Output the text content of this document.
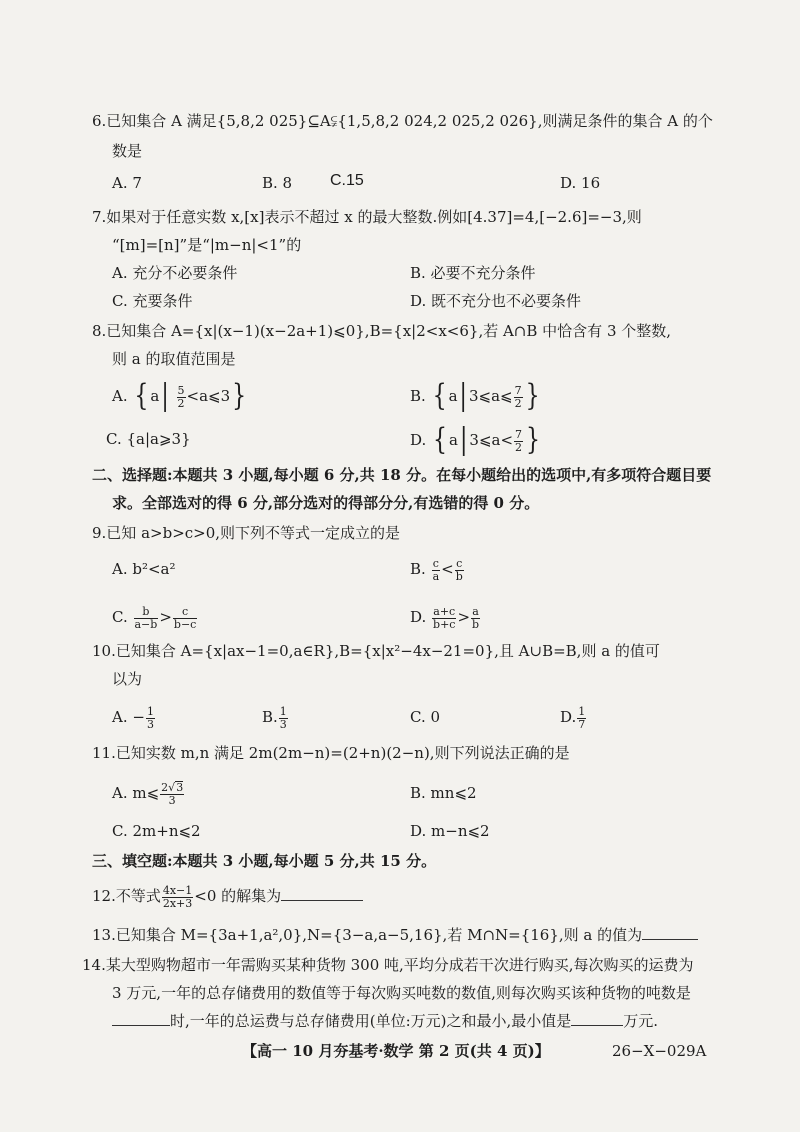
6.已知集合 A 满足{5,8,2 025}⊆A⫋{1,5,8,2 024,2 025,2 026},则满足条件的集合 A 的个
数是
A. 7	B. 8 C.15	D. 16
7.如果对于任意实数 x,[x]表示不超过 x 的最大整数.例如[4.37]=4,[−2.6]=−3,则
“[m]=[n]”是“|m−n|<1”的
A. 充分不必要条件	B. 必要不充分条件
C. 充要条件	D. 既不充分也不必要条件
8.已知集合 A={x|(x−1)(x−2a+1)⩽0},B={x|2<x<6},若 A∩B 中恰含有 3 个整数,
则 a 的取值范围是
A. { $a| \frac{5}{2}$ <a⩽3}	B. { a| 3⩽a⩽ $\frac{7}{2}$ }
C. {a|a⩾3}	D. { a| 3⩽a< $\frac{7}{2}$ }
二、选择题:本题共 3 小题,每小题 6 分,共 18 分。在每小题给出的选项中,有多项符合题目要
求。全部选对的得 6 分,部分选对的得部分分,有选错的得 0 分。
9.已知 a>b>c>0,则下列不等式一定成立的是
A. b²<a²	B. $\frac{c}{a} < \frac{c}{b}$
C. $\frac{b}{a-b} > \frac{c}{b-c}$	D. $\frac{a+c}{b+c} > \frac{a}{b}$
10.已知集合 A={x|ax−1=0,a∈R},B={x|x²−4x−21=0},且 A∪B=B,则 a 的值可
以为
A. − $\frac{1}{3}$	B. $\frac{1}{3}$	C. 0	D. $\frac{1}{7}$
11.已知实数 m,n 满足 2m(2m−n)=(2+n)(2−n),则下列说法正确的是
A. m⩽ $\frac{2√3}{3}$	B. mn⩽2
C. 2m+n⩽2	D. m−n⩽2
三、填空题:本题共 3 小题,每小题 5 分,共 15 分。
12.不等式 $\frac{4x-1}{2x+3} <0$ 的解集为
13.已知集合 M={3a+1,a²,0},N={3−a,a−5,16},若 M∩N={16},则 a 的值为
14.某大型购物超市一年需购买某种货物 300 吨,平均分成若干次进行购买,每次购买的运费为
3 万元,一年的总存储费用的数值等于每次购买吨数的数值,则每次购买该种货物的吨数是
时,一年的总运费与总存储费用(单位:万元)之和最小,最小值是	万元.
【高一 10 月夯基考·数学 第 2 页(共 4 页)】	26−X−029A
